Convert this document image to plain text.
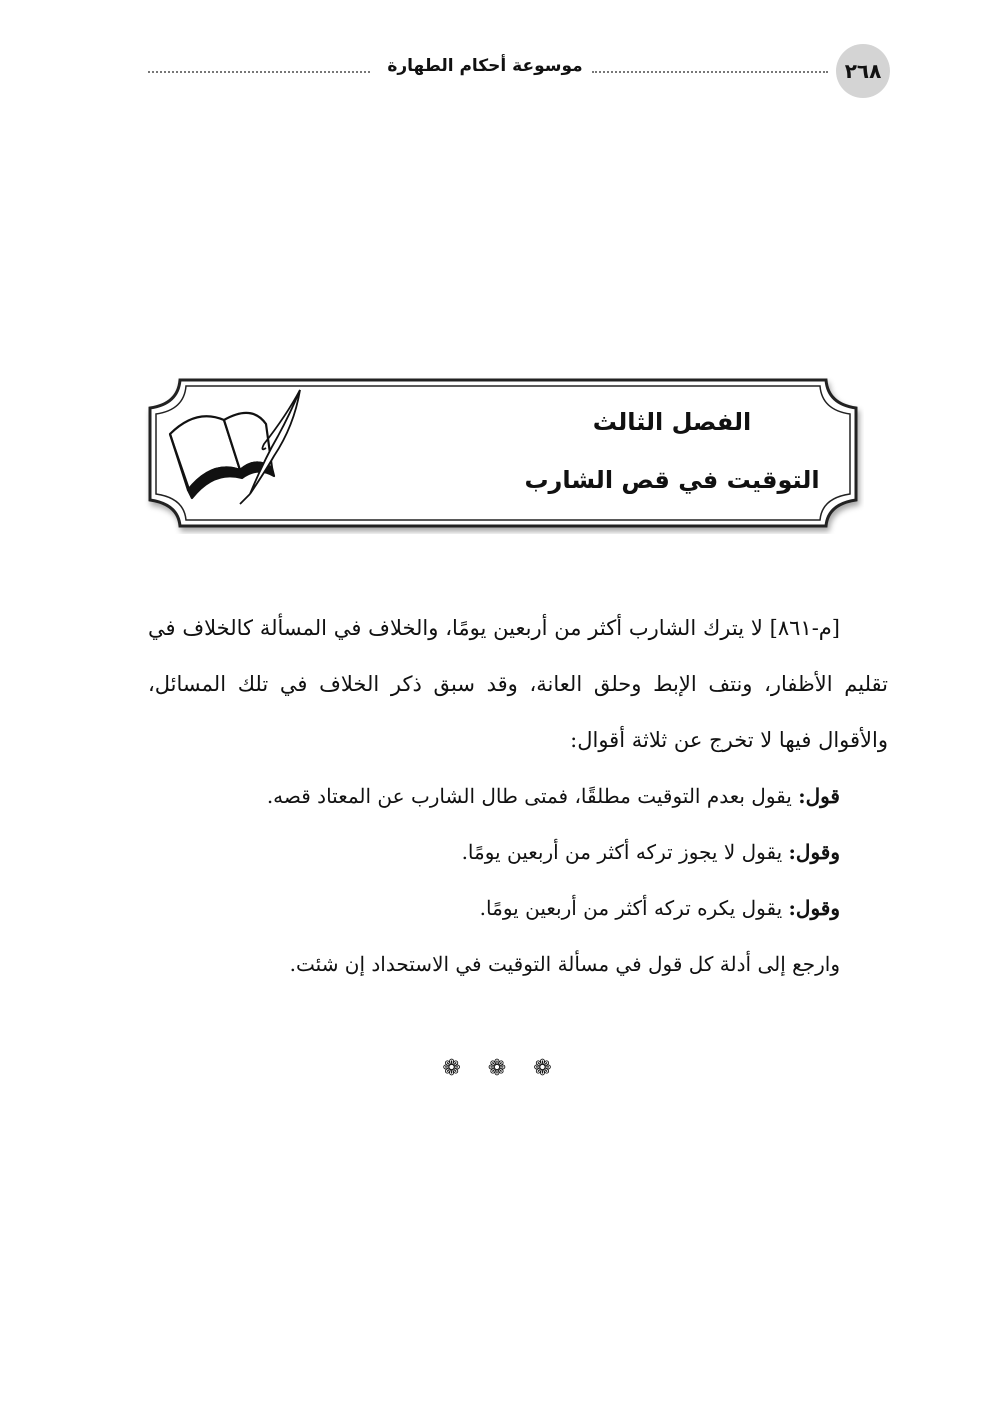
٢٦٨
موسوعة أحكام الطهارة
الفصل الثالث
التوقيت في قص الشارب

[م-٨٦١] لا يترك الشارب أكثر من أربعين يومًا، والخلاف في المسألة كالخلاف في تقليم الأظفار، ونتف الإبط وحلق العانة، وقد سبق ذكر الخلاف في تلك المسائل، والأقوال فيها لا تخرج عن ثلاثة أقوال:

قول: يقول بعدم التوقيت مطلقًا، فمتى طال الشارب عن المعتاد قصه.

وقول: يقول لا يجوز تركه أكثر من أربعين يومًا.

وقول: يقول يكره تركه أكثر من أربعين يومًا.

وارجع إلى أدلة كل قول في مسألة التوقيت في الاستحداد إن شئت.

❁ ❁ ❁
